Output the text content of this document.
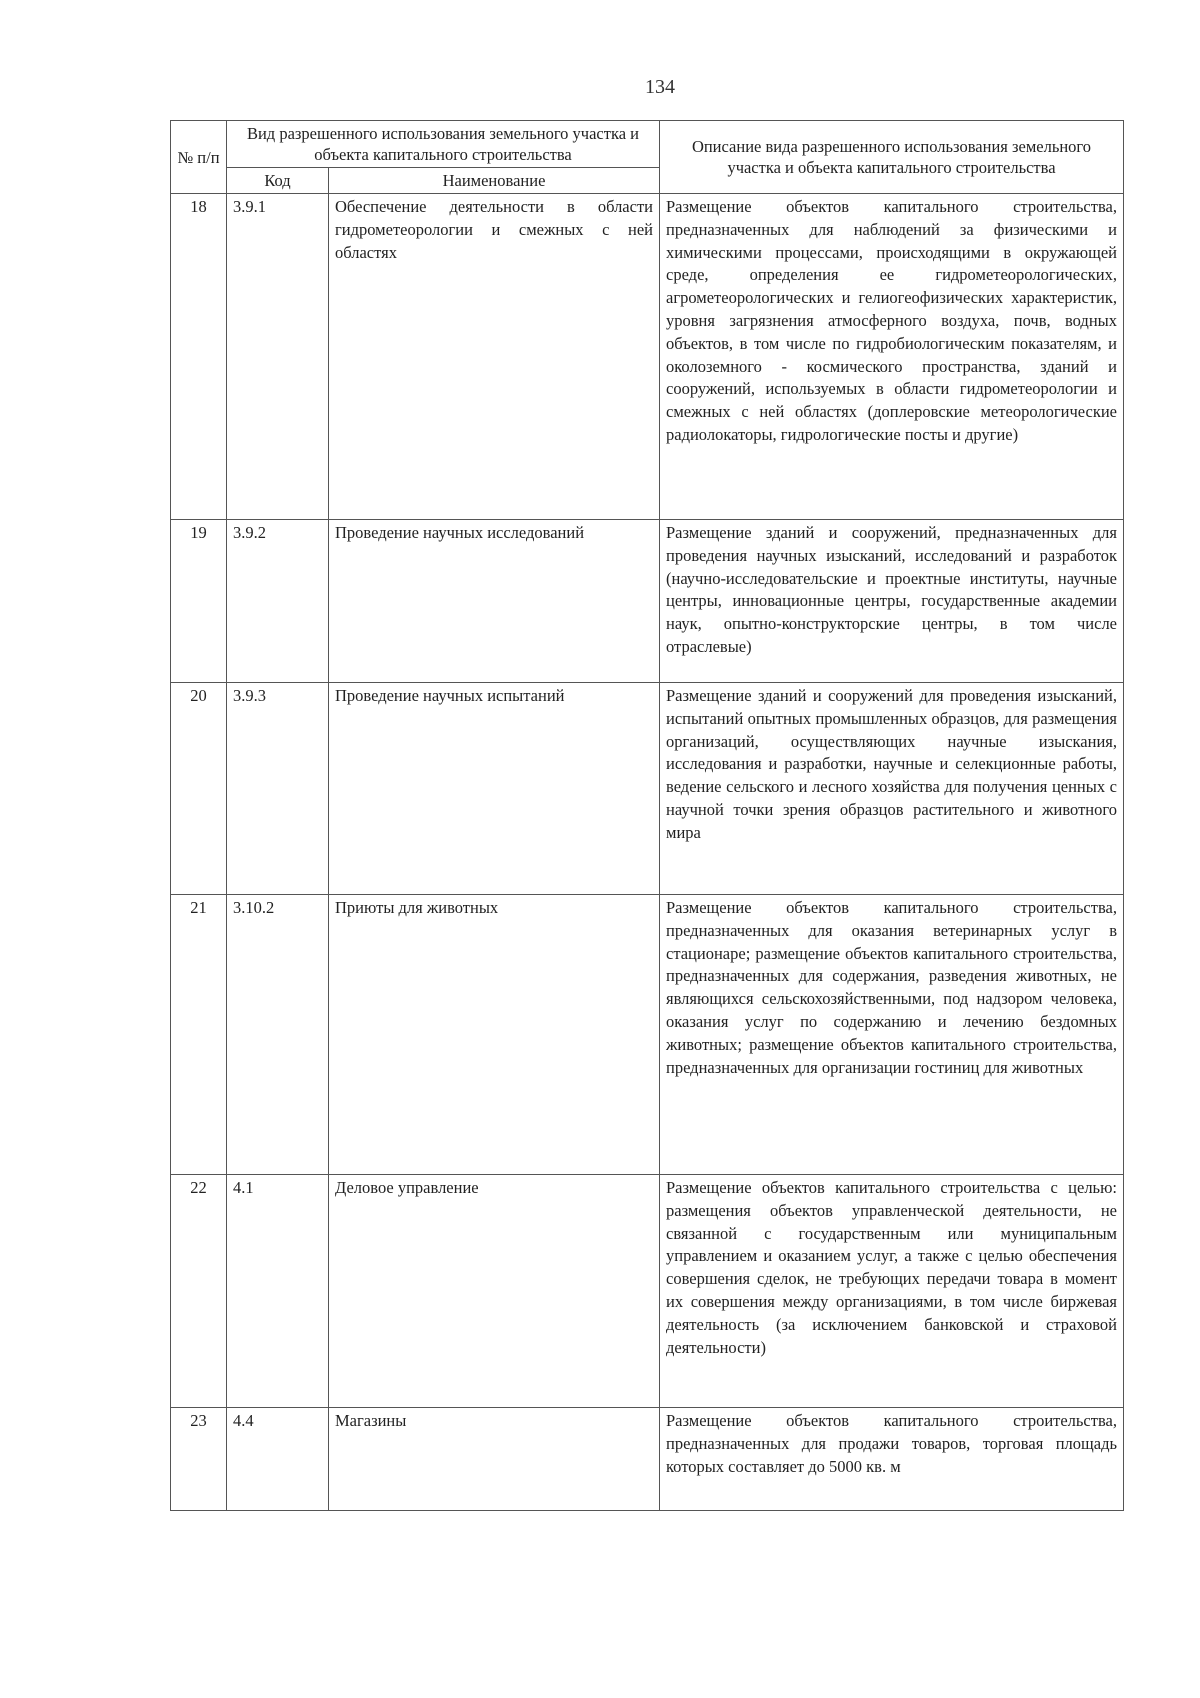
134
№ п/п	Вид разрешенного использования земельного участка и объекта капитального строительства		Описание вида разрешенного использования земельного участка и объекта капитального строительства
	Код	Наименование	
18	3.9.1	Обеспечение деятельности в области гидрометеорологии и смежных с ней областях	Размещение объектов капитального строительства, предназначенных для наблюдений за физическими и химическими процессами, происходящими в окружающей среде, определения ее гидрометеорологических, агрометеорологических и гелиогеофизических характеристик, уровня загрязнения атмосферного воздуха, почв, водных объектов, в том числе по гидробиологическим показателям, и околоземного - космического пространства, зданий и сооружений, используемых в области гидрометеорологии и смежных с ней областях (доплеровские метеорологические радиолокаторы, гидрологические посты и другие)
19	3.9.2	Проведение научных исследований	Размещение зданий и сооружений, предназначенных для проведения научных изысканий, исследований и разработок (научно-исследовательские и проектные институты, научные центры, инновационные центры, государственные академии наук, опытно-конструкторские центры, в том числе отраслевые)
20	3.9.3	Проведение научных испытаний	Размещение зданий и сооружений для проведения изысканий, испытаний опытных промышленных образцов, для размещения организаций, осуществляющих научные изыскания, исследования и разработки, научные и селекционные работы, ведение сельского и лесного хозяйства для получения ценных с научной точки зрения образцов растительного и животного мира
21	3.10.2	Приюты для животных	Размещение объектов капитального строительства, предназначенных для оказания ветеринарных услуг в стационаре; размещение объектов капитального строительства, предназначенных для содержания, разведения животных, не являющихся сельскохозяйственными, под надзором человека, оказания услуг по содержанию и лечению бездомных животных; размещение объектов капитального строительства, предназначенных для организации гостиниц для животных
22	4.1	Деловое управление	Размещение объектов капитального строительства с целью: размещения объектов управленческой деятельности, не связанной с государственным или муниципальным управлением и оказанием услуг, а также с целью обеспечения совершения сделок, не требующих передачи товара в момент их совершения между организациями, в том числе биржевая деятельность (за исключением банковской и страховой деятельности)
23	4.4	Магазины	Размещение объектов капитального строительства, предназначенных для продажи товаров, торговая площадь которых составляет до 5000 кв. м
